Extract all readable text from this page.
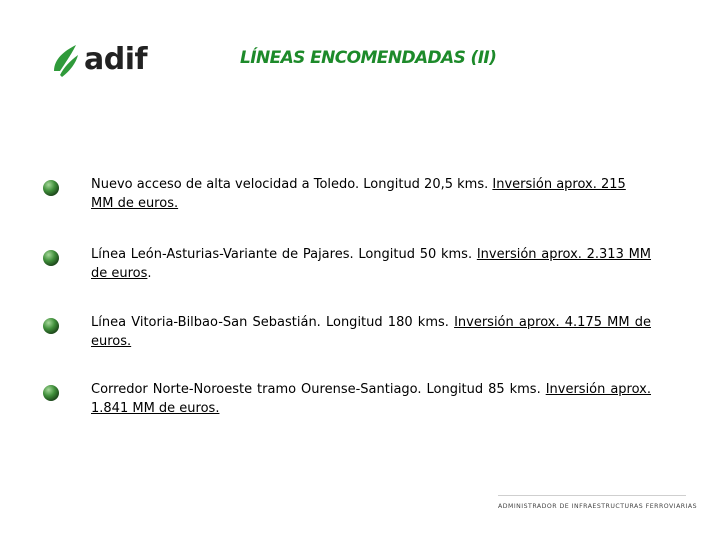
adif	LÍNEAS ENCOMENDADAS (II)
Nuevo acceso de alta velocidad a Toledo. Longitud 20,5 kms. Inversión aprox. 215 MM de euros.
Línea León-Asturias-Variante de Pajares. Longitud 50 kms. Inversión aprox. 2.313 MM de euros.
Línea Vitoria-Bilbao-San Sebastián. Longitud 180 kms. Inversión aprox. 4.175 MM de euros.
Corredor Norte-Noroeste tramo Ourense-Santiago. Longitud 85 kms. Inversión aprox. 1.841 MM de euros.
ADMINISTRADOR DE INFRAESTRUCTURAS FERROVIARIAS
